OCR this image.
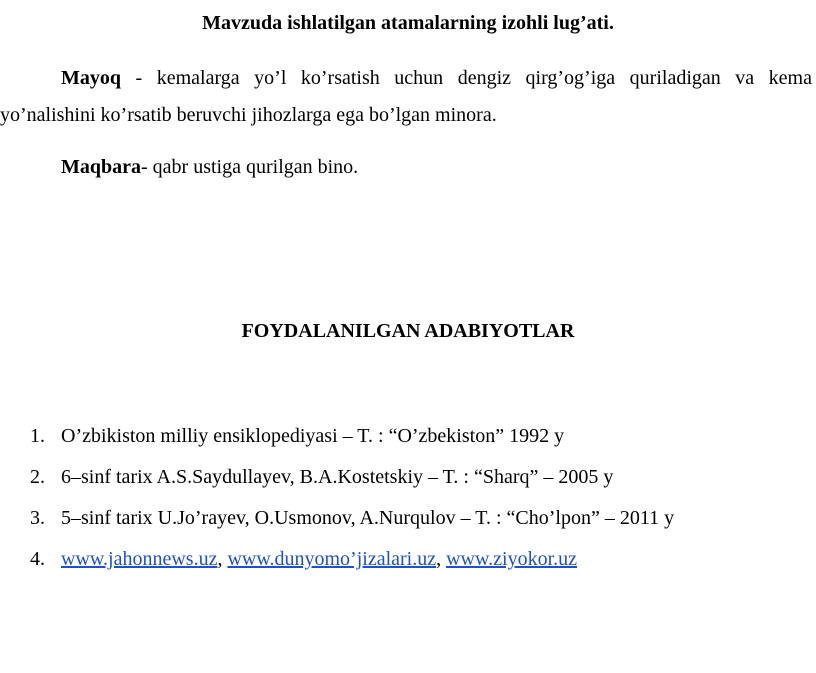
Mavzuda ishlatilgan atamalarning izohli lug’ati.

Mayoq - kemalarga yo’l ko’rsatish uchun dengiz qirg’og’iga quriladigan va kema yo’nalishini ko’rsatib beruvchi jihozlarga ega bo’lgan minora.

Maqbara- qabr ustiga qurilgan bino.

FOYDALANILGAN ADABIYOTLAR
1. O’zbikiston milliy ensiklopediyasi – T. : “O’zbekiston” 1992 y
2. 6–sinf tarix A.S.Saydullayev, B.A.Kostetskiy – T. : “Sharq” – 2005 y
3. 5–sinf tarix U.Jo’rayev, O.Usmonov, A.Nurqulov – T. : “Cho’lpon” – 2011 y
4. www.jahonnews.uz, www.dunyomo’jizalari.uz, www.ziyokor.uz
